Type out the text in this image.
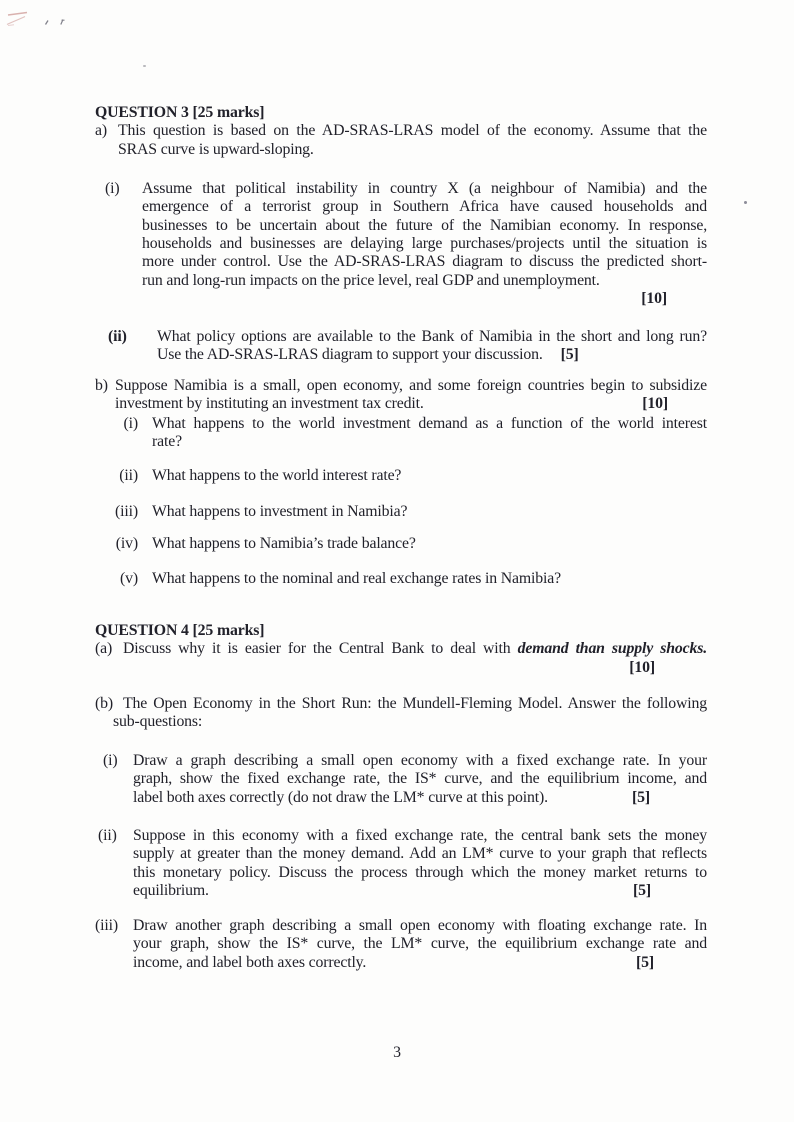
QUESTION 3 [25 marks]
a) This question is based on the AD-SRAS-LRAS model of the economy. Assume that the
SRAS curve is upward-sloping.
(i)	Assume that political instability in country X (a neighbour of Namibia) and the
emergence of a terrorist group in Southern Africa have caused households and
businesses to be uncertain about the future of the Namibian economy. In response,
households and businesses are delaying large purchases/projects until the situation is
more under control. Use the AD-SRAS-LRAS diagram to discuss the predicted short-
run and long-run impacts on the price level, real GDP and unemployment.
[10]
(ii)	What policy options are available to the Bank of Namibia in the short and long run?
Use the AD-SRAS-LRAS diagram to support your discussion. [5]
b) Suppose Namibia is a small, open economy, and some foreign countries begin to subsidize
investment by instituting an investment tax credit.	[10]
(i) What happens to the world investment demand as a function of the world interest
rate?
(ii) What happens to the world interest rate?
(iii) What happens to investment in Namibia?
(iv) What happens to Namibia’s trade balance?
(v) What happens to the nominal and real exchange rates in Namibia?
QUESTION 4 [25 marks]
(a) Discuss why it is easier for the Central Bank to deal with demand than supply shocks.
[10]
(b) The Open Economy in the Short Run: the Mundell-Fleming Model. Answer the following
sub-questions:
(i) Draw a graph describing a small open economy with a fixed exchange rate. In your
graph, show the fixed exchange rate, the IS* curve, and the equilibrium income, and
label both axes correctly (do not draw the LM* curve at this point).	[5]
(ii)	Suppose in this economy with a fixed exchange rate, the central bank sets the money
supply at greater than the money demand. Add an LM* curve to your graph that reflects
this monetary policy. Discuss the process through which the money market returns to
equilibrium.	[5]
(iii) Draw another graph describing a small open economy with floating exchange rate. In
your graph, show the IS* curve, the LM* curve, the equilibrium exchange rate and
income, and label both axes correctly.	[5]
3
